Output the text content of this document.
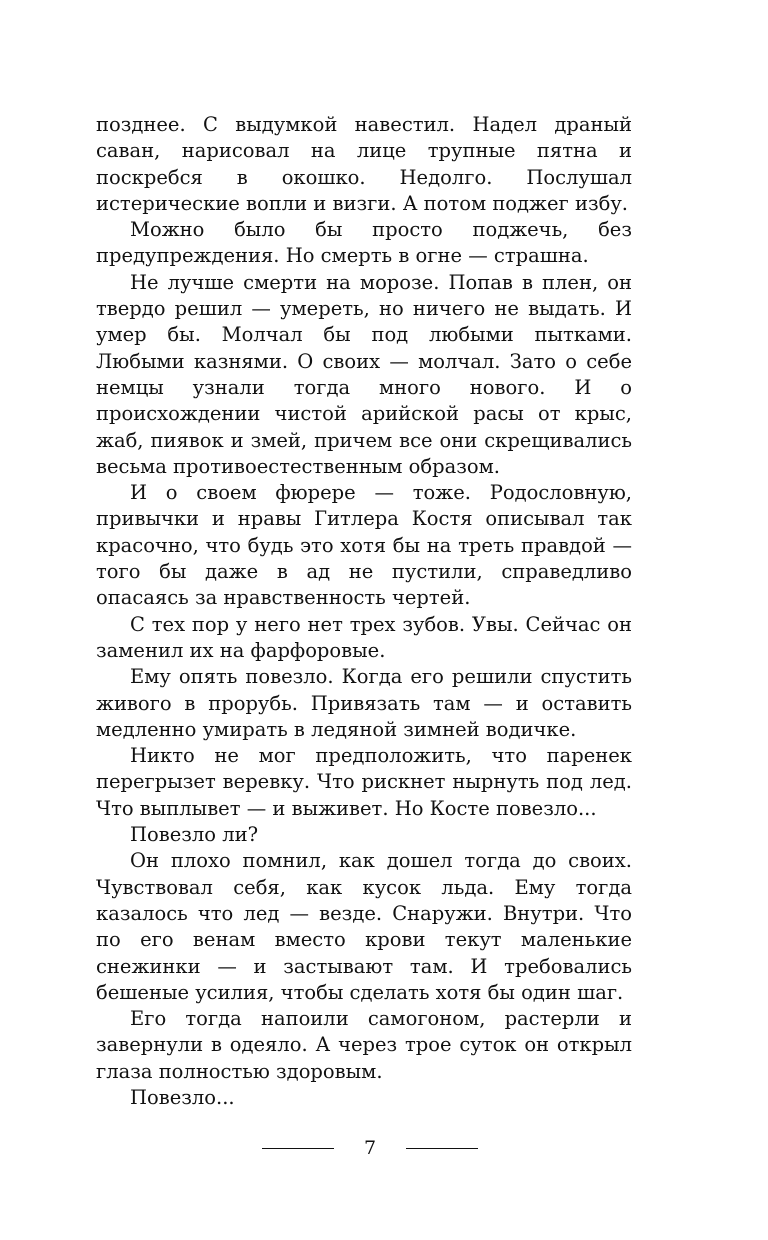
позднее. С выдумкой навестил. Надел драный саван, нарисовал на лице трупные пятна и поскребся в окошко. Недолго. Послушал истерические вопли и визги. А потом поджег избу.

Можно было бы просто поджечь, без предупреждения. Но смерть в огне — страшна.

Не лучше смерти на морозе. Попав в плен, он твердо решил — умереть, но ничего не выдать. И умер бы. Молчал бы под любыми пытками. Любыми казнями. О своих — молчал. Зато о себе немцы узнали тогда много нового. И о происхождении чистой арийской расы от крыс, жаб, пиявок и змей, причем все они скрещивались весьма противоестественным образом.

И о своем фюрере — тоже. Родословную, привычки и нравы Гитлера Костя описывал так красочно, что будь это хотя бы на треть правдой — того бы даже в ад не пустили, справедливо опасаясь за нравственность чертей.

С тех пор у него нет трех зубов. Увы. Сейчас он заменил их на фарфоровые.

Ему опять повезло. Когда его решили спустить живого в прорубь. Привязать там — и оставить медленно умирать в ледяной зимней водичке.

Никто не мог предположить, что паренек перегрызет веревку. Что рискнет нырнуть под лед. Что выплывет — и выживет. Но Косте повезло...

Повезло ли?

Он плохо помнил, как дошел тогда до своих. Чувствовал себя, как кусок льда. Ему тогда казалось что лед — везде. Снаружи. Внутри. Что по его венам вместо крови текут маленькие снежинки — и застывают там. И требовались бешеные усилия, чтобы сделать хотя бы один шаг.

Его тогда напоили самогоном, растерли и завернули в одеяло. А через трое суток он открыл глаза полностью здоровым.

Повезло...

7
